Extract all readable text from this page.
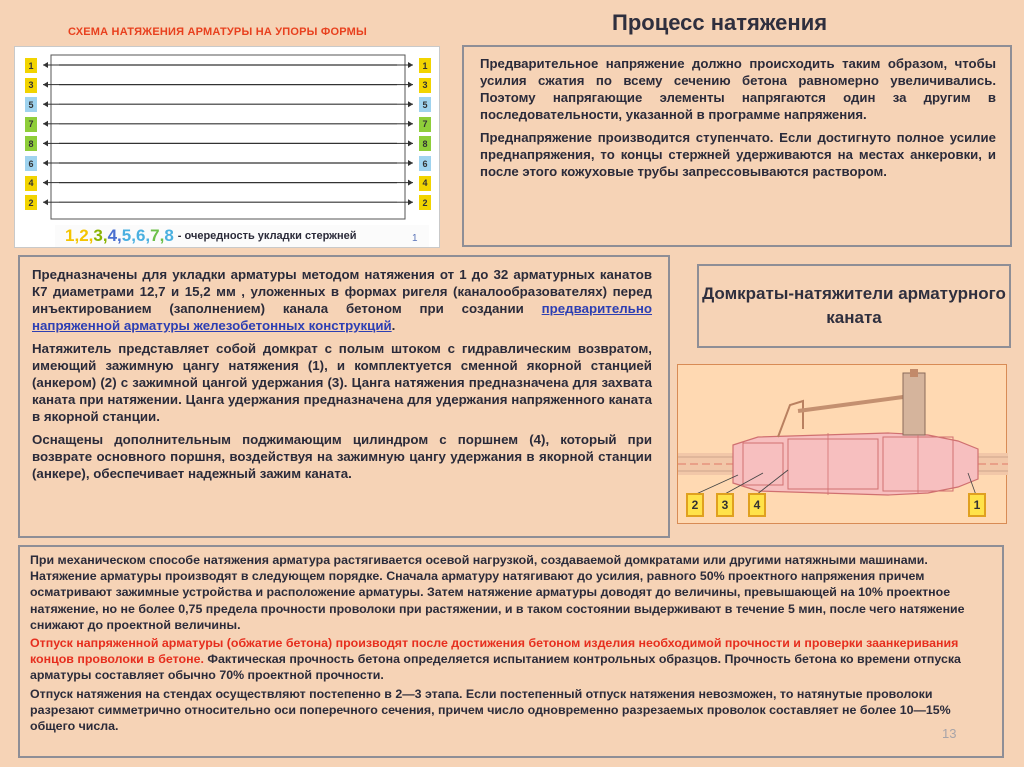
СХЕМА НАТЯЖЕНИЯ АРМАТУРЫ НА УПОРЫ ФОРМЫ	Процесс натяжения
1
3
5
7
8
6
4
2
1
3
5
7
8
6
4
2
1,2,3,4,5,6,7,8 - очередность укладки стержней	1

Предварительное напряжение должно происходить таким образом, чтобы усилия сжатия по всему сечению бетона равномерно увеличивались. Поэтому напрягающие элементы напрягаются один за другим в последовательности, указанной в программе напряжения.

Преднапряжение производится ступенчато. Если достигнуто полное усилие преднапряжения, то концы стержней удерживаются на местах анкеровки, и после этого кожуховые трубы запрессовываются раствором.

Предназначены для укладки арматуры методом натяжения от 1 до 32 арматурных канатов К7 диаметрами 12,7 и 15,2 мм , уложенных в формах ригеля (каналообразователях) перед инъектированием (заполнением) канала бетоном при создании предварительно напряженной арматуры железобетонных конструкций.

Натяжитель представляет собой домкрат с полым штоком с гидравлическим возвратом, имеющий зажимную цангу натяжения (1), и комплектуется сменной якорной станцией (анкером) (2) с зажимной цангой удержания (3). Цанга натяжения предназначена для захвата каната при натяжении. Цанга удержания предназначена для удержания напряженного каната в якорной станции.

Оснащены дополнительным поджимающим цилиндром с поршнем (4), который при возврате основного поршня, воздействуя на зажимную цангу удержания в якорной станции (анкере), обеспечивает надежный зажим каната.

Домкраты-натяжители арматурного каната
2	3	4	1

При механическом способе натяжения арматура растягивается осевой нагрузкой, создаваемой домкратами или другими натяжными машинами. Натяжение арматуры производят в следующем порядке. Сначала арматуру натягивают до усилия, равного 50% проектного напряжения причем осматривают зажимные устройства и расположение арматуры. Затем натяжение арматуры доводят до величины, превышающей на 10% проектное натяжение, но не более 0,75 предела прочности проволоки при растяжении, и в таком состоянии выдерживают в течение 5 мин, после чего натяжение снижают до проектной величины.

Отпуск напряженной арматуры (обжатие бетона) производят после достижения бетоном изделия необходимой прочности и проверки заанкеривания концов проволоки в бетоне. Фактическая прочность бетона определяется испытанием контрольных образцов. Прочность бетона ко времени отпуска арматуры составляет обычно 70% проектной прочности.

Отпуск натяжения на стендах осуществляют постепенно в 2—3 этапа. Если постепенный отпуск натяжения невозможен, то натянутые проволоки разрезают симметрично относительно оси поперечного сечения, причем число одновременно разрезаемых проволок составляет не более 10—15% общего числа.	13
